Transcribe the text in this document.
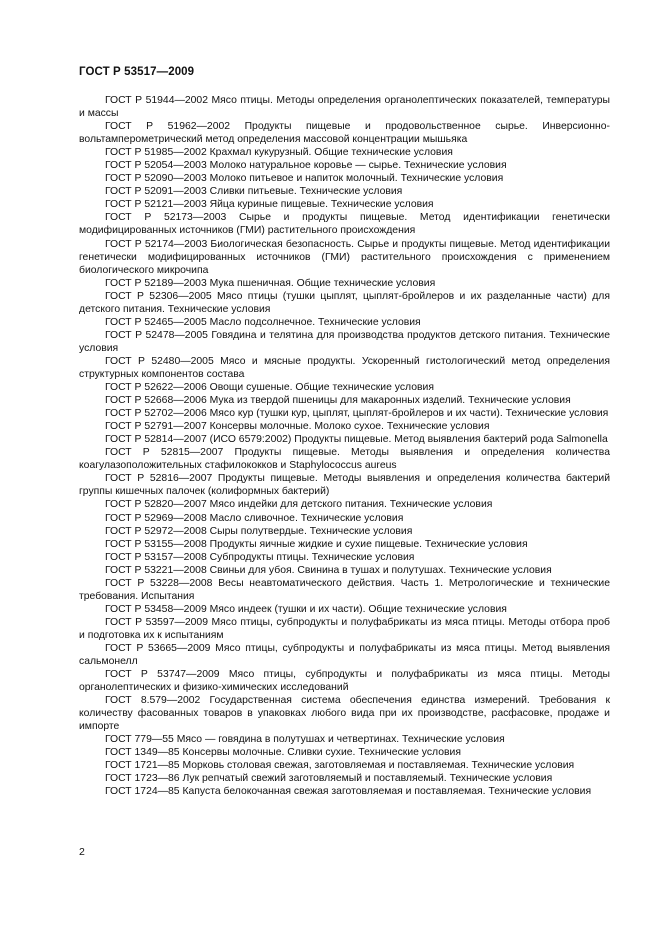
ГОСТ Р 53517—2009

ГОСТ Р 51944—2002 Мясо птицы. Методы определения органолептических показателей, температуры и массы

ГОСТ Р 51962—2002 Продукты пищевые и продовольственное сырье. Инверсионно-вольтамперометрический метод определения массовой концентрации мышьяка

ГОСТ Р 51985—2002 Крахмал кукурузный. Общие технические условия

ГОСТ Р 52054—2003 Молоко натуральное коровье — сырье. Технические условия

ГОСТ Р 52090—2003 Молоко питьевое и напиток молочный. Технические условия

ГОСТ Р 52091—2003 Сливки питьевые. Технические условия

ГОСТ Р 52121—2003 Яйца куриные пищевые. Технические условия

ГОСТ Р 52173—2003 Сырье и продукты пищевые. Метод идентификации генетически модифицированных источников (ГМИ) растительного происхождения

ГОСТ Р 52174—2003 Биологическая безопасность. Сырье и продукты пищевые. Метод идентификации генетически модифицированных источников (ГМИ) растительного происхождения с применением биологического микрочипа

ГОСТ Р 52189—2003 Мука пшеничная. Общие технические условия

ГОСТ Р 52306—2005 Мясо птицы (тушки цыплят, цыплят-бройлеров и их разделанные части) для детского питания. Технические условия

ГОСТ Р 52465—2005 Масло подсолнечное. Технические условия

ГОСТ Р 52478—2005 Говядина и телятина для производства продуктов детского питания. Технические условия

ГОСТ Р 52480—2005 Мясо и мясные продукты. Ускоренный гистологический метод определения структурных компонентов состава

ГОСТ Р 52622—2006 Овощи сушеные. Общие технические условия

ГОСТ Р 52668—2006 Мука из твердой пшеницы для макаронных изделий. Технические условия

ГОСТ Р 52702—2006 Мясо кур (тушки кур, цыплят, цыплят-бройлеров и их части). Технические условия

ГОСТ Р 52791—2007 Консервы молочные. Молоко сухое. Технические условия

ГОСТ Р 52814—2007 (ИСО 6579:2002) Продукты пищевые. Метод выявления бактерий рода Salmonella

ГОСТ Р 52815—2007 Продукты пищевые. Методы выявления и определения количества коагулазоположительных стафилококков и Staphylococcus aureus

ГОСТ Р 52816—2007 Продукты пищевые. Методы выявления и определения количества бактерий группы кишечных палочек (колиформных бактерий)

ГОСТ Р 52820—2007 Мясо индейки для детского питания. Технические условия

ГОСТ Р 52969—2008 Масло сливочное. Технические условия

ГОСТ Р 52972—2008 Сыры полутвердые. Технические условия

ГОСТ Р 53155—2008 Продукты яичные жидкие и сухие пищевые. Технические условия

ГОСТ Р 53157—2008 Субпродукты птицы. Технические условия

ГОСТ Р 53221—2008 Свиньи для убоя. Свинина в тушах и полутушах. Технические условия

ГОСТ Р 53228—2008 Весы неавтоматического действия. Часть 1. Метрологические и технические требования. Испытания

ГОСТ Р 53458—2009 Мясо индеек (тушки и их части). Общие технические условия

ГОСТ Р 53597—2009 Мясо птицы, субпродукты и полуфабрикаты из мяса птицы. Методы отбора проб и подготовка их к испытаниям

ГОСТ Р 53665—2009 Мясо птицы, субпродукты и полуфабрикаты из мяса птицы. Метод выявления сальмонелл

ГОСТ Р 53747—2009 Мясо птицы, субпродукты и полуфабрикаты из мяса птицы. Методы органолептических и физико-химических исследований

ГОСТ 8.579—2002 Государственная система обеспечения единства измерений. Требования к количеству фасованных товаров в упаковках любого вида при их производстве, расфасовке, продаже и импорте

ГОСТ 779—55 Мясо — говядина в полутушах и четвертинах. Технические условия

ГОСТ 1349—85 Консервы молочные. Сливки сухие. Технические условия

ГОСТ 1721—85 Морковь столовая свежая, заготовляемая и поставляемая. Технические условия

ГОСТ 1723—86 Лук репчатый свежий заготовляемый и поставляемый. Технические условия

ГОСТ 1724—85 Капуста белокочанная свежая заготовляемая и поставляемая. Технические условия

2
